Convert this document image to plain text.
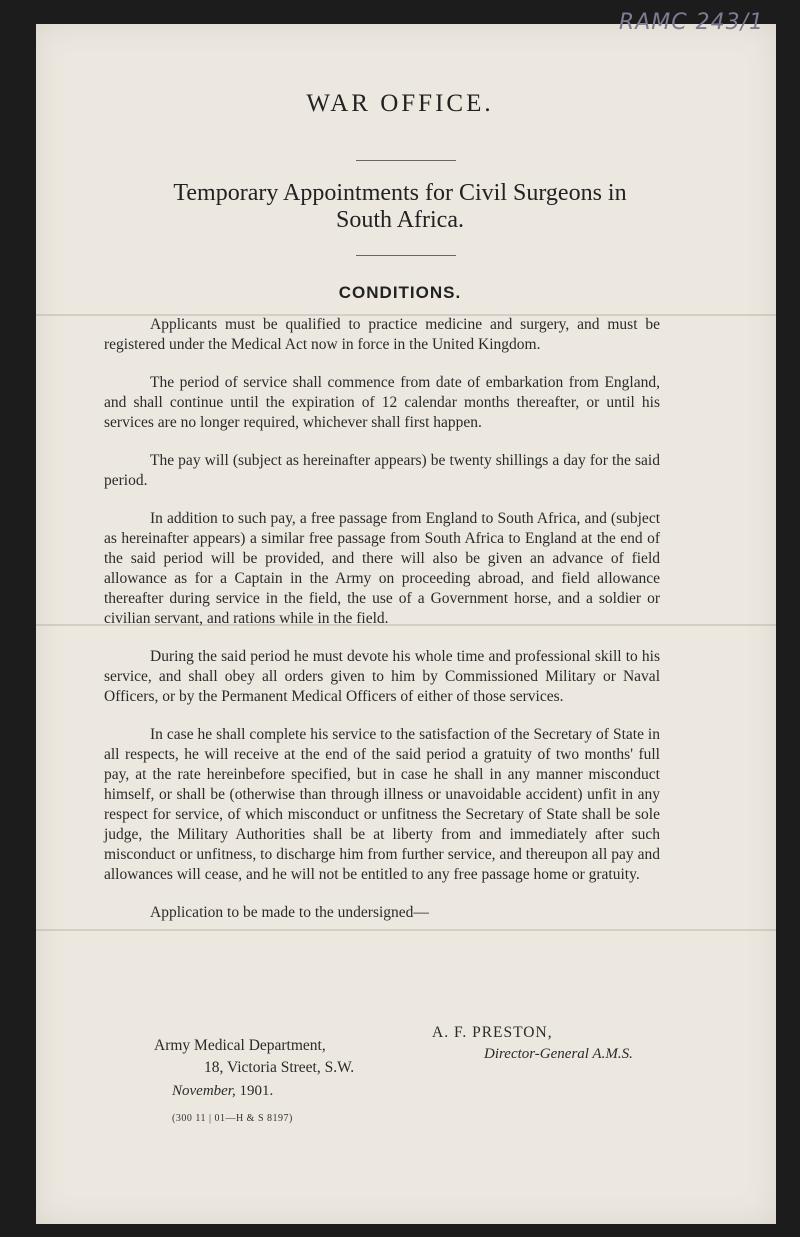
RAMC 243/1
WAR OFFICE.
Temporary Appointments for Civil Surgeons in
South Africa.
CONDITIONS.

Applicants must be qualified to practice medicine and surgery, and must be registered under the Medical Act now in force in the United Kingdom.

The period of service shall commence from date of embarkation from England, and shall continue until the expiration of 12 calendar months thereafter, or until his services are no longer required, whichever shall first happen.

The pay will (subject as hereinafter appears) be twenty shillings a day for the said period.

In addition to such pay, a free passage from England to South Africa, and (subject as hereinafter appears) a similar free passage from South Africa to England at the end of the said period will be provided, and there will also be given an advance of field allowance as for a Captain in the Army on proceeding abroad, and field allowance thereafter during service in the field, the use of a Government horse, and a soldier or civilian servant, and rations while in the field.

During the said period he must devote his whole time and professional skill to his service, and shall obey all orders given to him by Commissioned Military or Naval Officers, or by the Permanent Medical Officers of either of those services.

In case he shall complete his service to the satisfaction of the Secretary of State in all respects, he will receive at the end of the said period a gratuity of two months' full pay, at the rate hereinbefore specified, but in case he shall in any manner misconduct himself, or shall be (otherwise than through illness or unavoidable accident) unfit in any respect for service, of which misconduct or unfitness the Secretary of State shall be sole judge, the Military Authorities shall be at liberty from and immediately after such misconduct or unfitness, to discharge him from further service, and thereupon all pay and allowances will cease, and he will not be entitled to any free passage home or gratuity.

Application to be made to the undersigned—

A. F. PRESTON,
Director-General A.M.S.
Army Medical Department,
18, Victoria Street, S.W.
November, 1901.
(300 11 | 01—H & S 8197)
